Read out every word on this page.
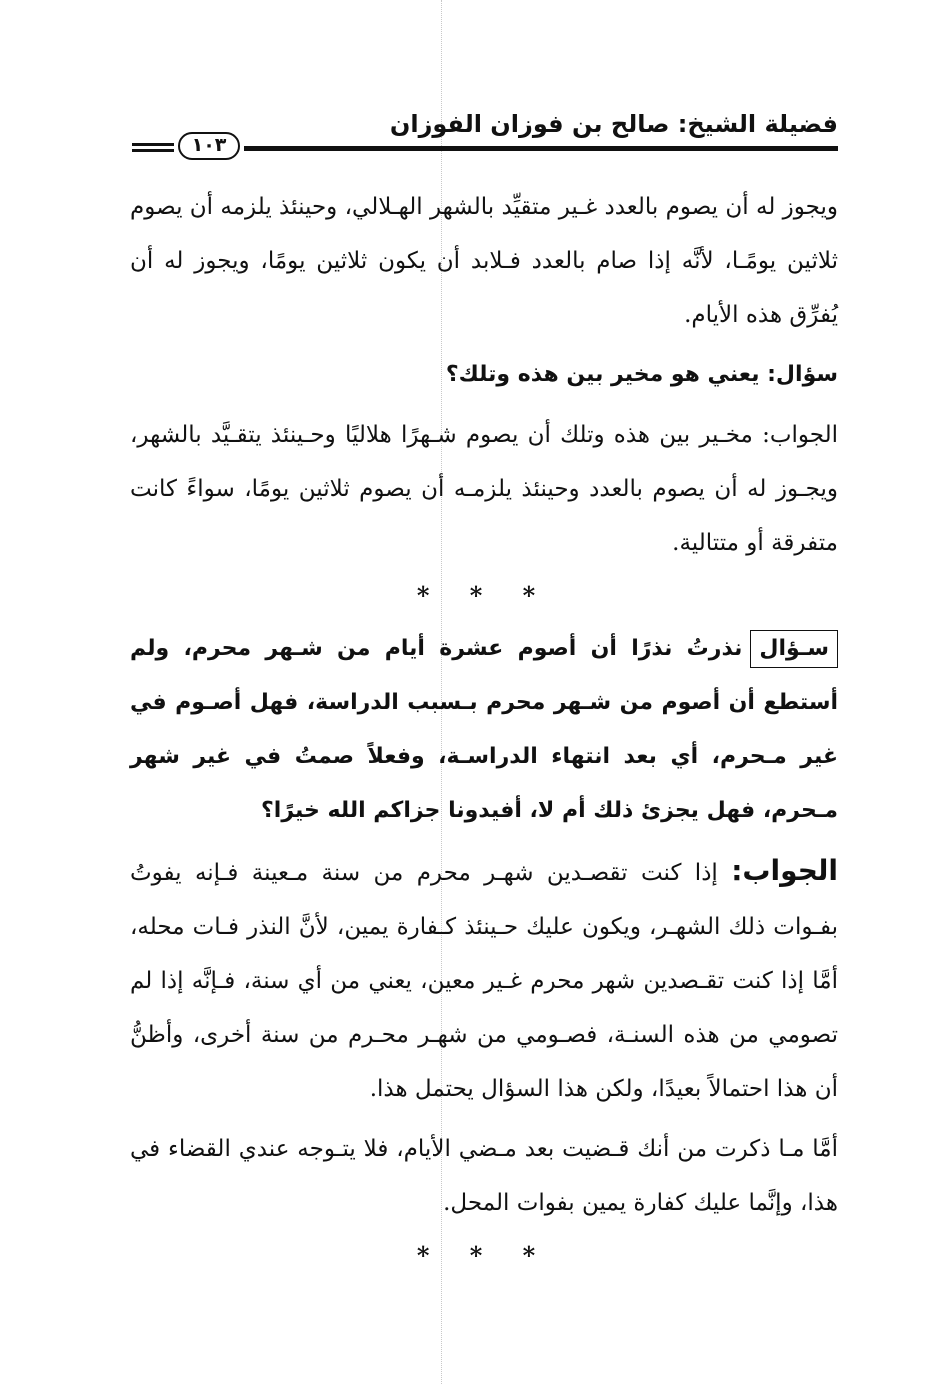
فضيلة الشيخ: صالح بن فوزان الفوزان
١٠٣

ويجوز له أن يصوم بالعدد غـير متقيِّد بالشهر الهـلالي، وحينئذ يلزمه أن يصوم ثلاثين يومًـا، لأنَّه إذا صام بالعدد فـلابد أن يكون ثلاثين يومًا، ويجوز له أن يُفرِّق هذه الأيام.

سؤال: يعني هو مخير بين هذه وتلك؟

الجواب: مخـير بين هذه وتلك أن يصوم شـهرًا هلاليًا وحـينئذ يتقـيَّد بالشهر، ويجـوز له أن يصوم بالعدد وحينئذ يلزمـه أن يصوم ثلاثين يومًا، سواءً كانت متفرقة أو متتالية.

* * *

سـؤالنذرتُ نذرًا أن أصوم عشرة أيام من شـهر محرم، ولم أستطع أن أصوم من شـهر محرم بـسبب الدراسة، فهل أصـوم في غير مـحرم، أي بعد انتهاء الدراسـة، وفعلاً صمتُ في غير شهر مـحرم، فهل يجزئ ذلك أم لا، أفيدونا جزاكم الله خيرًا؟

الجواب: إذا كنت تقصـدين شهـر محرم من سنة مـعينة فـإنه يفوتُ بفـوات ذلك الشهـر، ويكون عليك حـينئذ كـفارة يمين، لأنَّ النذر فـات محله، أمَّا إذا كنت تقـصدين شهر محرم غـير معين، يعني من أي سنة، فـإنَّه إذا لم تصومي من هذه السنـة، فصـومي من شهـر محـرم من سنة أخرى، وأظنُّ أن هذا احتمالاً بعيدًا، ولكن هذا السؤال يحتمل هذا.

أمَّا مـا ذكرت من أنك قـضيت بعد مـضي الأيام، فلا يتـوجه عندي القضاء في هذا، وإنَّما عليك كفارة يمين بفوات المحل.

* * *
